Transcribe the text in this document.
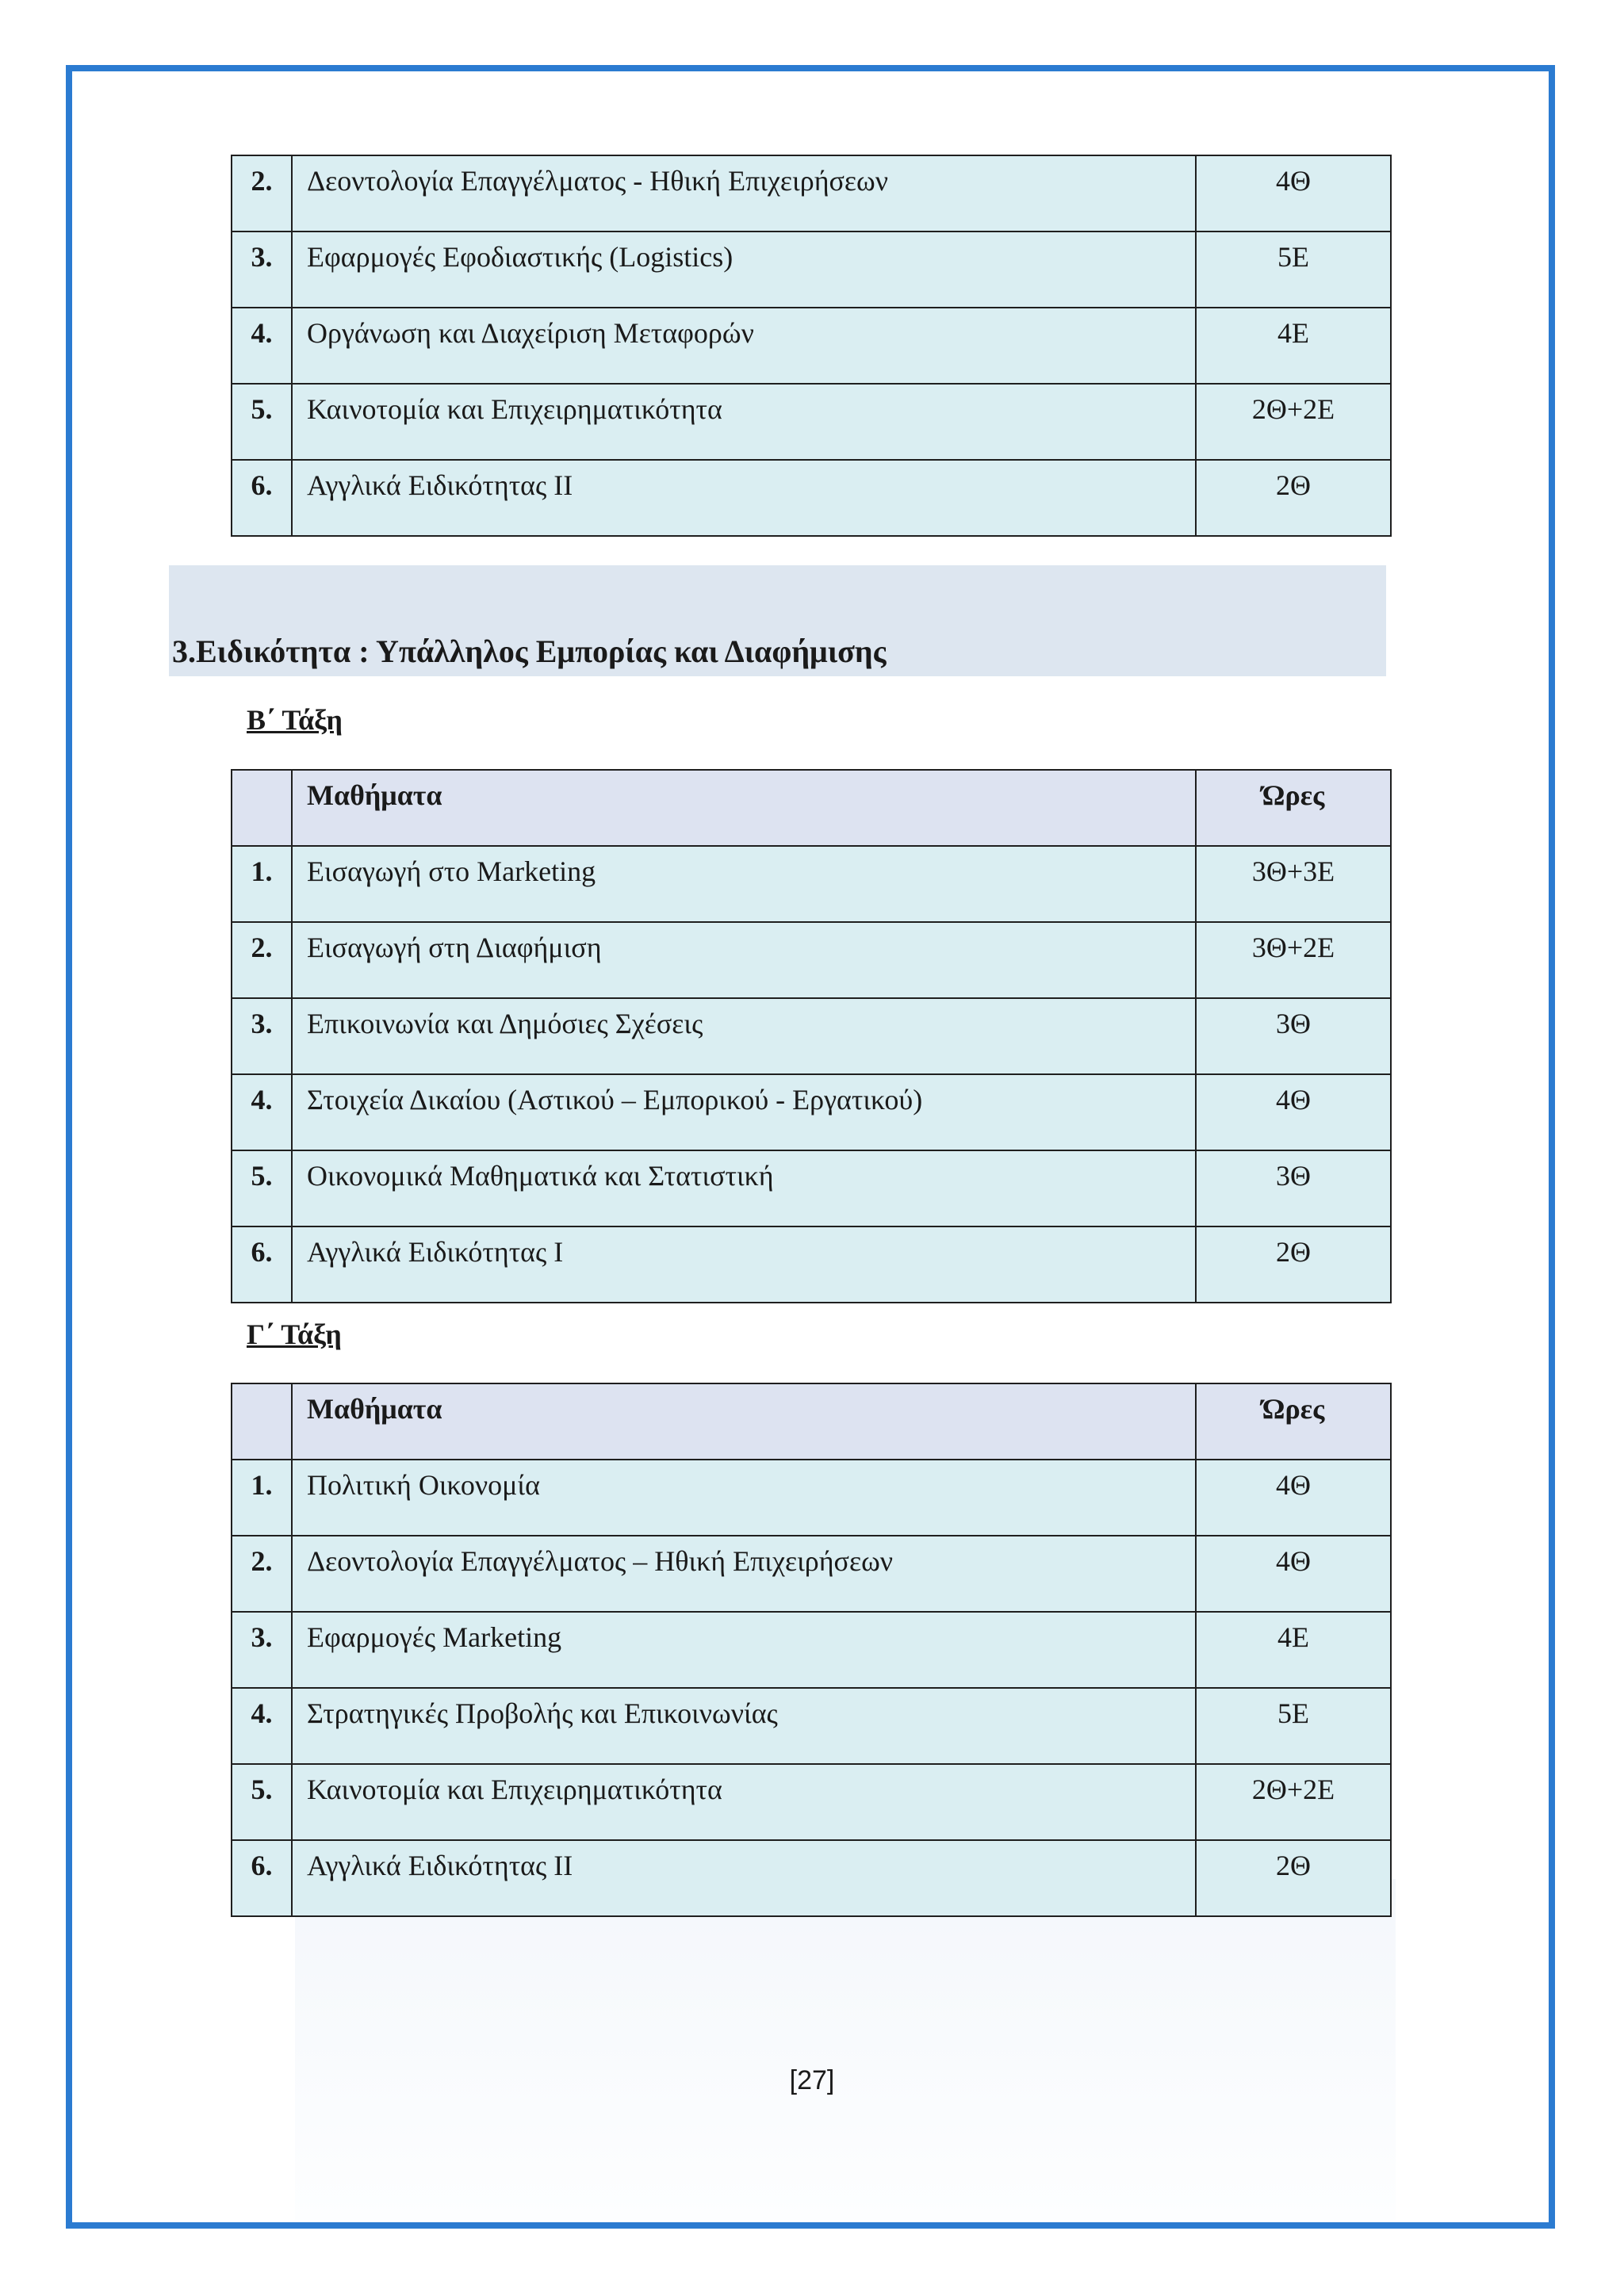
2.	Δεοντολογία Επαγγέλματος - Ηθική Επιχειρήσεων	4Θ
3.	Εφαρμογές Εφοδιαστικής (Logistics)	5Ε
4.	Οργάνωση και Διαχείριση Μεταφορών	4Ε
5.	Καινοτομία και Επιχειρηματικότητα	2Θ+2Ε
6.	Αγγλικά Ειδικότητας ΙΙ	2Θ
3.Ειδικότητα : Υπάλληλος Εμπορίας και Διαφήμισης
Β΄ Τάξη
	Μαθήματα	Ώρες
1.	Εισαγωγή στο Marketing	3Θ+3Ε
2.	Εισαγωγή στη Διαφήμιση	3Θ+2Ε
3.	Επικοινωνία και Δημόσιες Σχέσεις	3Θ
4.	Στοιχεία Δικαίου (Αστικού – Εμπορικού - Εργατικού)	4Θ
5.	Οικονομικά Μαθηματικά και Στατιστική	3Θ
6.	Αγγλικά Ειδικότητας Ι	2Θ
Γ΄ Τάξη
	Μαθήματα	Ώρες
1.	Πολιτική Οικονομία	4Θ
2.	Δεοντολογία Επαγγέλματος – Ηθική Επιχειρήσεων	4Θ
3.	Εφαρμογές Marketing	4Ε
4.	Στρατηγικές Προβολής και Επικοινωνίας	5Ε
5.	Καινοτομία και Επιχειρηματικότητα	2Θ+2Ε
6.	Αγγλικά Ειδικότητας ΙΙ	2Θ
[27]
